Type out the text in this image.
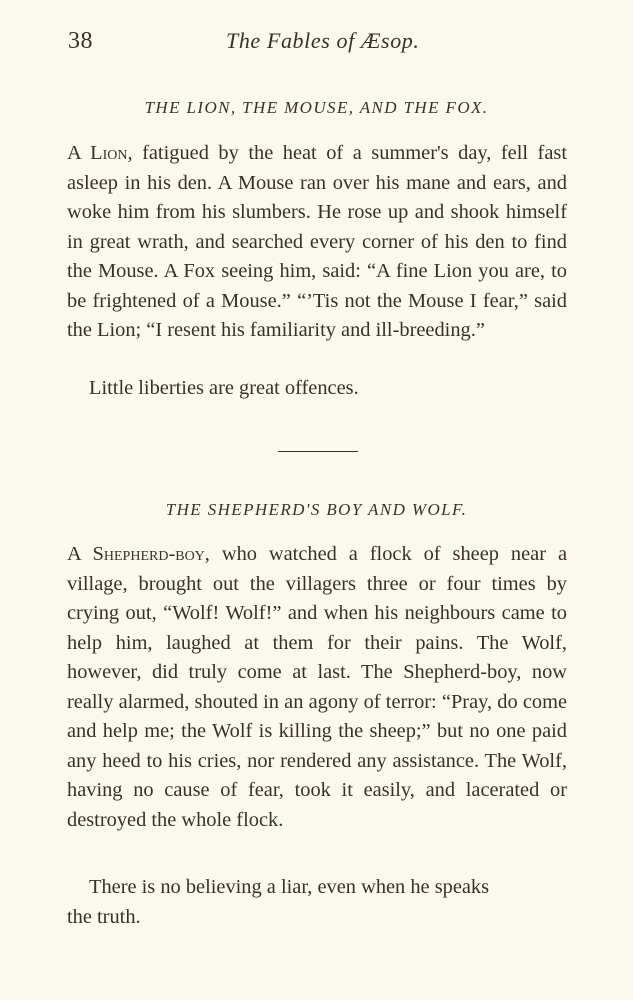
38	The Fables of Æsop.
THE LION, THE MOUSE, AND THE FOX.

A Lion, fatigued by the heat of a summer's day, fell fast asleep in his den. A Mouse ran over his mane and ears, and woke him from his slumbers. He rose up and shook himself in great wrath, and searched every corner of his den to find the Mouse. A Fox seeing him, said: “A fine Lion you are, to be frightened of a Mouse.” “’Tis not the Mouse I fear,” said the Lion; “I resent his familiarity and ill-breeding.”

Little liberties are great offences.

THE SHEPHERD'S BOY AND WOLF.

A Shepherd-boy, who watched a flock of sheep near a village, brought out the villagers three or four times by crying out, “Wolf! Wolf!” and when his neighbours came to help him, laughed at them for their pains. The Wolf, however, did truly come at last. The Shepherd-boy, now really alarmed, shouted in an agony of terror: “Pray, do come and help me; the Wolf is killing the sheep;” but no one paid any heed to his cries, nor rendered any assistance. The Wolf, having no cause of fear, took it easily, and lacerated or destroyed the whole flock.

There is no believing a liar, even when he speaks
the truth.
